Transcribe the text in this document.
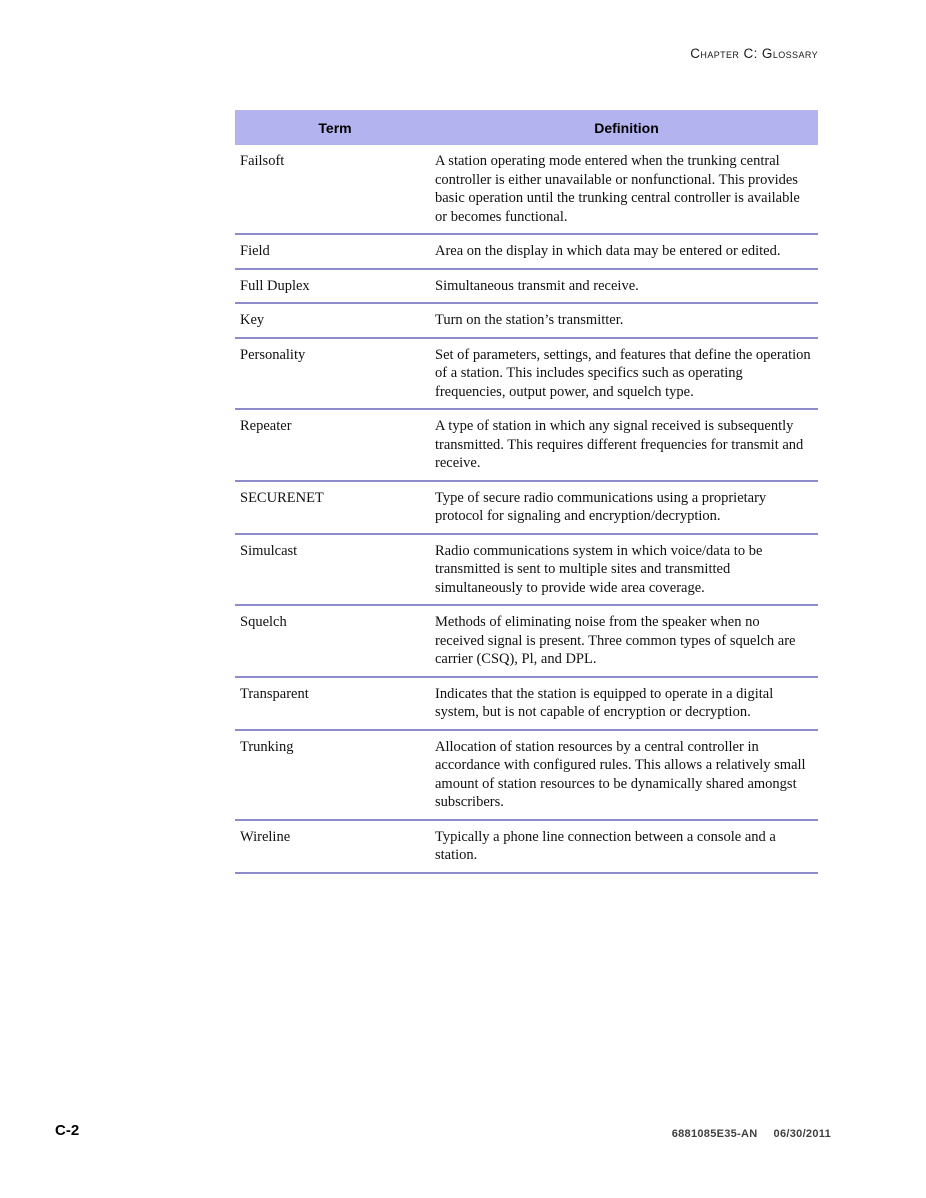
Chapter C: Glossary
Term	Definition
Failsoft	A station operating mode entered when the trunking central controller is either unavailable or nonfunctional. This provides basic operation until the trunking central controller is available or becomes functional.
Field	Area on the display in which data may be entered or edited.
Full Duplex	Simultaneous transmit and receive.
Key	Turn on the station’s transmitter.
Personality	Set of parameters, settings, and features that define the operation of a station. This includes specifics such as operating frequencies, output power, and squelch type.
Repeater	A type of station in which any signal received is subsequently transmitted. This requires different frequencies for transmit and receive.
SECURENET	Type of secure radio communications using a proprietary protocol for signaling and encryption/decryption.
Simulcast	Radio communications system in which voice/data to be transmitted is sent to multiple sites and transmitted simultaneously to provide wide area coverage.
Squelch	Methods of eliminating noise from the speaker when no received signal is present. Three common types of squelch are carrier (CSQ), Pl, and DPL.
Transparent	Indicates that the station is equipped to operate in a digital system, but is not capable of encryption or decryption.
Trunking	Allocation of station resources by a central controller in accordance with configured rules. This allows a relatively small amount of station resources to be dynamically shared amongst subscribers.
Wireline	Typically a phone line connection between a console and a station.
C-2	6881085E35-AN 06/30/2011
